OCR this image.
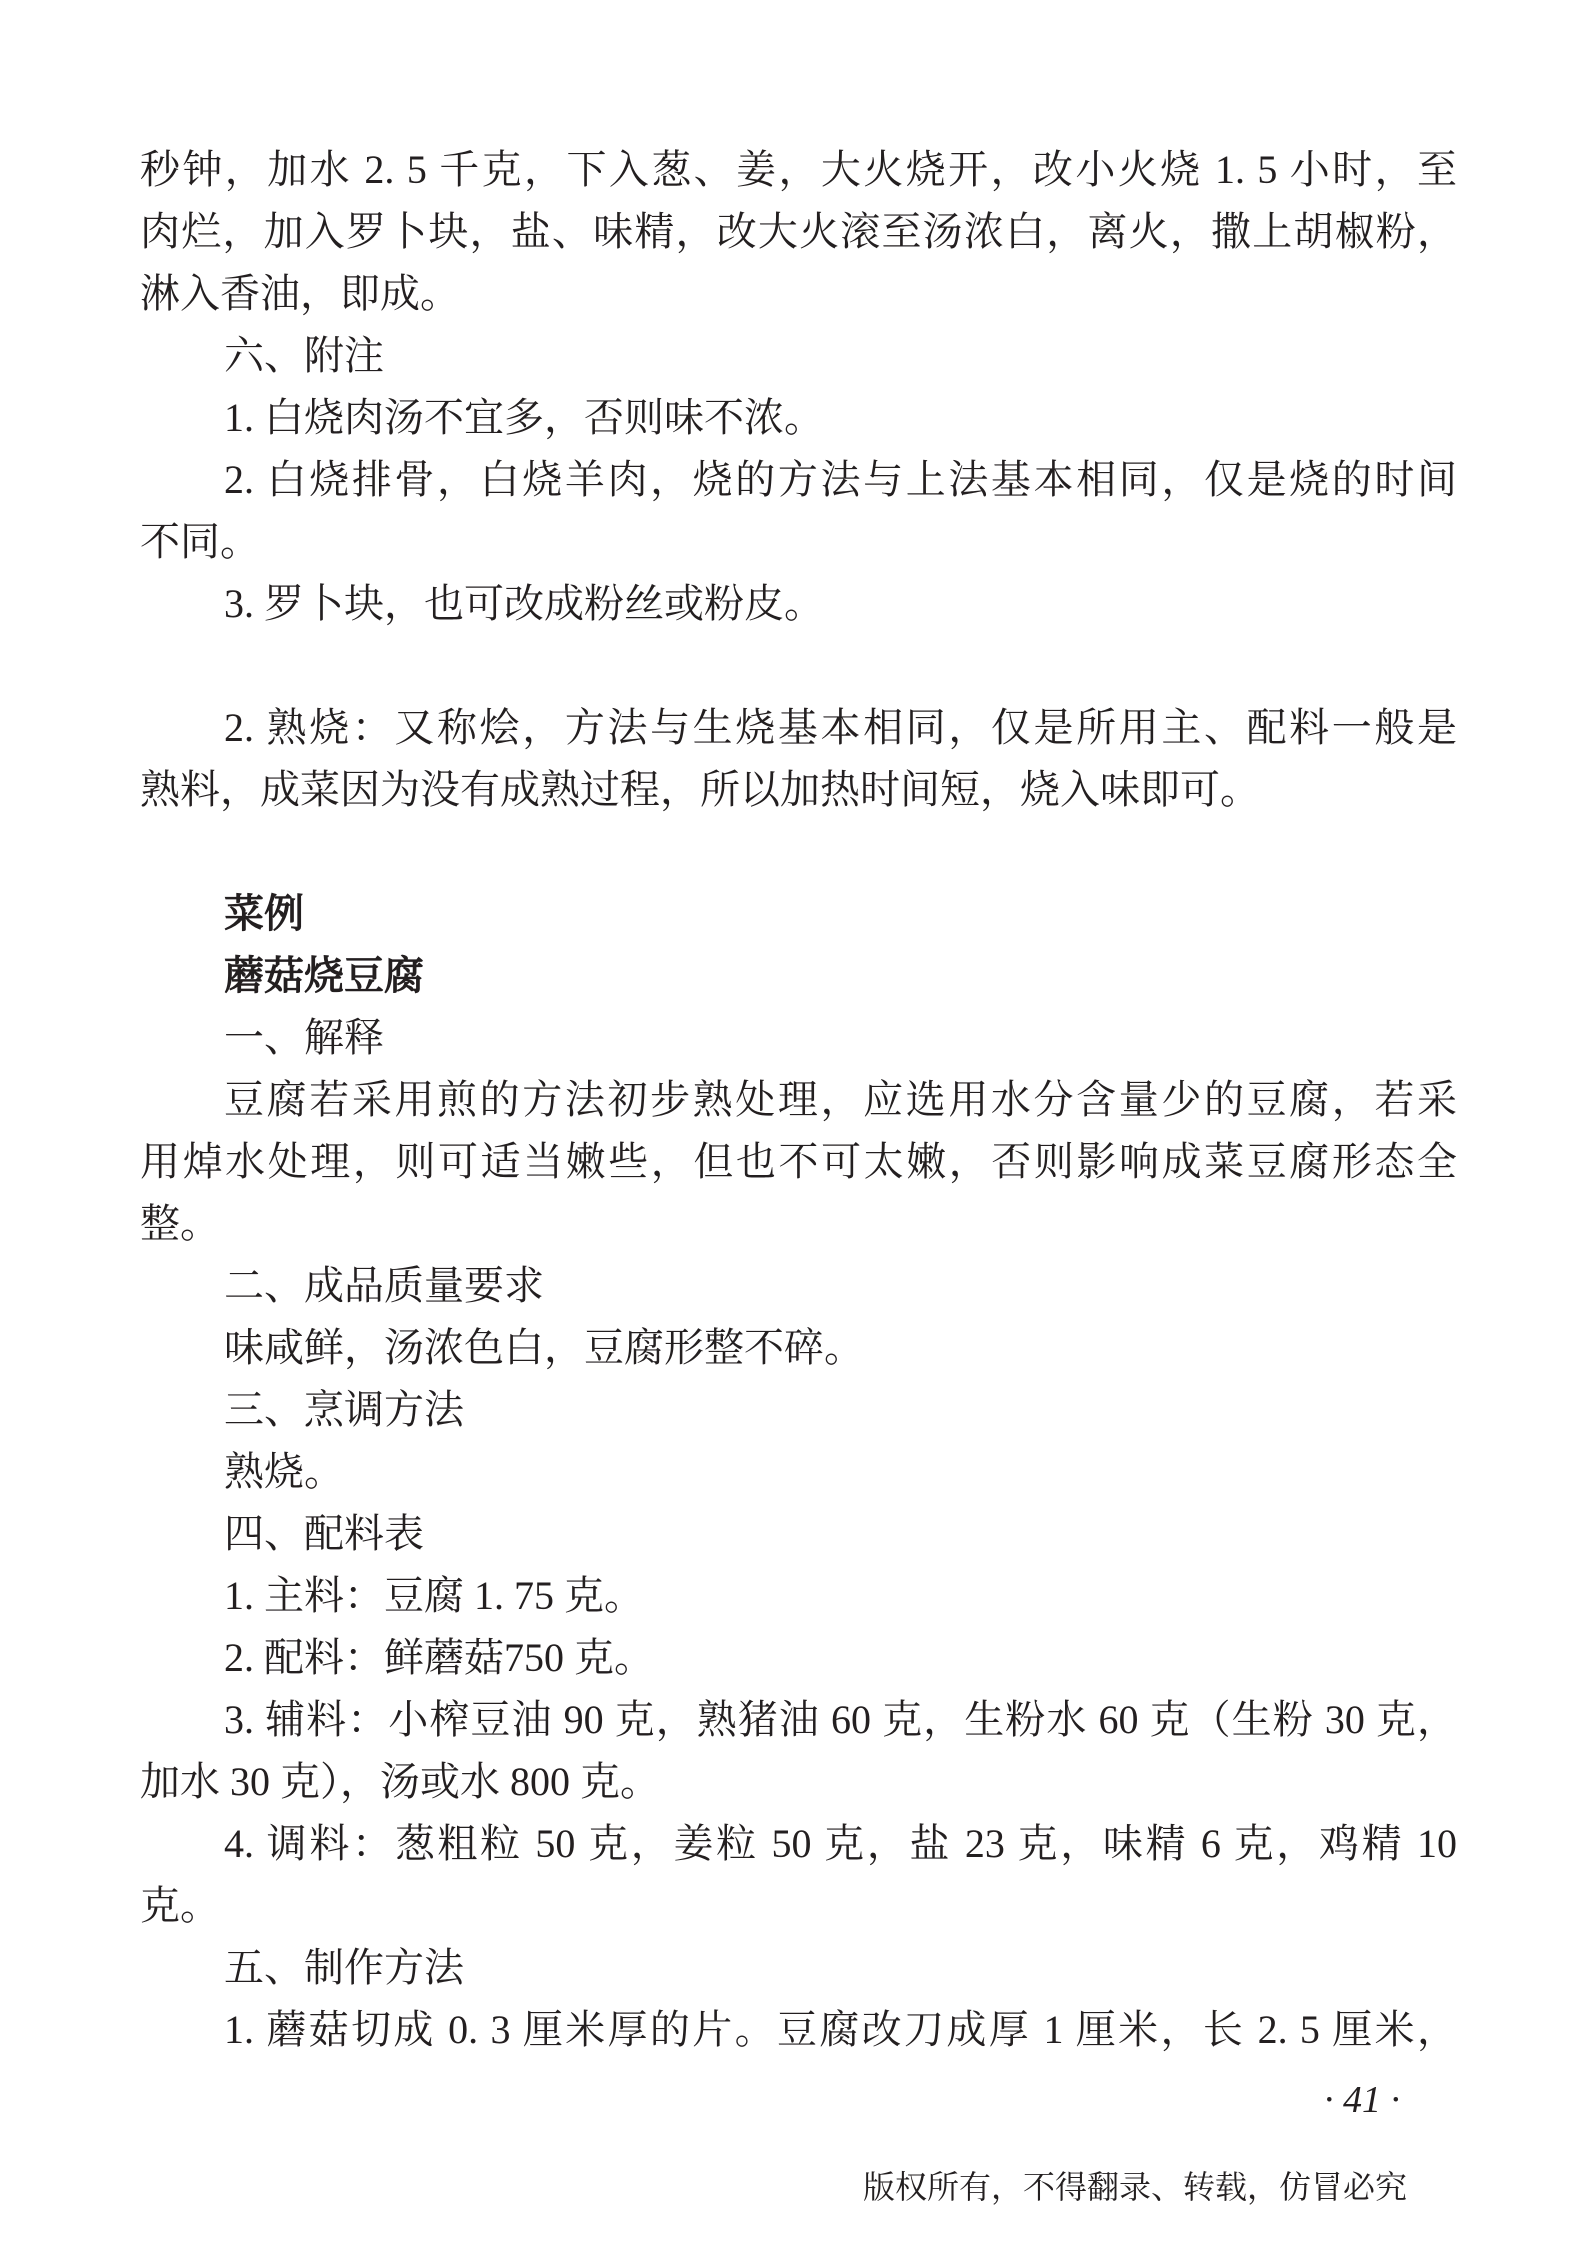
秒钟，加水 2. 5 千克，下入葱、姜，大火烧开，改小火烧 1. 5 小时，至
肉烂，加入罗卜块，盐、味精，改大火滚至汤浓白，离火，撒上胡椒粉，
淋入香油，即成。
六、附注
1. 白烧肉汤不宜多，否则味不浓。
2. 白烧排骨，白烧羊肉，烧的方法与上法基本相同，仅是烧的时间
不同。
3. 罗卜块，也可改成粉丝或粉皮。
2. 熟烧：又称烩，方法与生烧基本相同，仅是所用主、配料一般是
熟料，成菜因为没有成熟过程，所以加热时间短，烧入味即可。
菜例
蘑菇烧豆腐
一、解释
豆腐若采用煎的方法初步熟处理，应选用水分含量少的豆腐，若采
用焯水处理，则可适当嫩些，但也不可太嫩，否则影响成菜豆腐形态全
整。
二、成品质量要求
味咸鲜，汤浓色白，豆腐形整不碎。
三、烹调方法
熟烧。
四、配料表
1. 主料：豆腐 1. 75 克。
2. 配料：鲜蘑菇750 克。
3. 辅料：小榨豆油 90 克，熟猪油 60 克，生粉水 60 克（生粉 30 克，
加水 30 克），汤或水 800 克。
4. 调料：葱粗粒 50 克，姜粒 50 克，盐 23 克，味精 6 克，鸡精 10
克。
五、制作方法
1. 蘑菇切成 0. 3 厘米厚的片。豆腐改刀成厚 1 厘米，长 2. 5 厘米，
· 41 ·
版权所有，不得翻录、转载，仿冒必究
